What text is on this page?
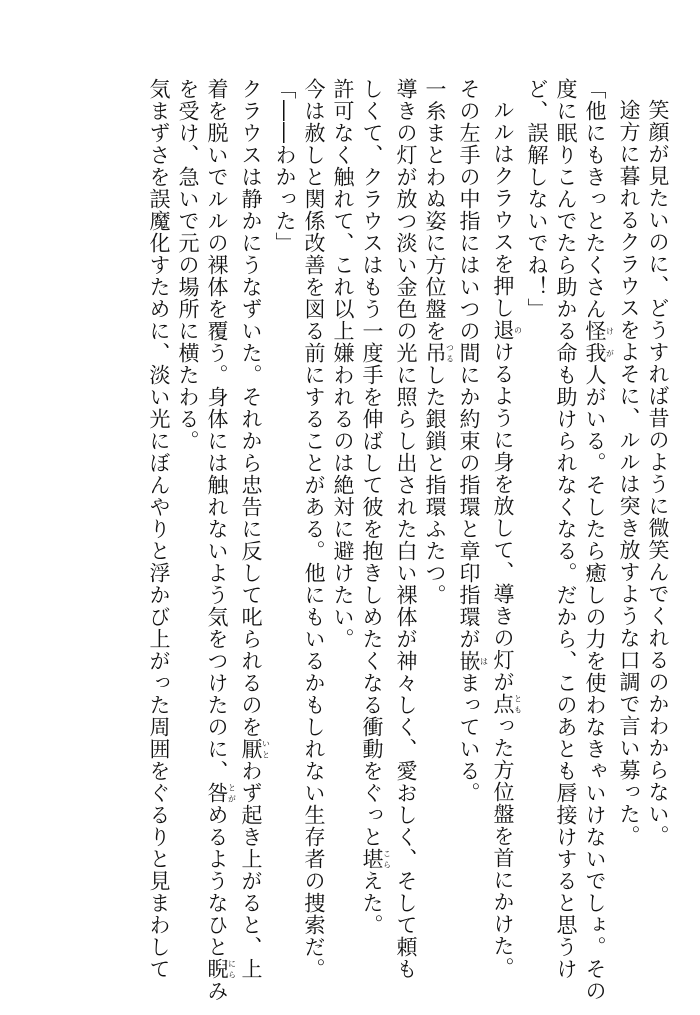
笑顔が見たいのに、どうすれば昔のように微笑んでくれるのかわからない。

途方に暮れるクラウスをよそに、ルルは突き放すような口調で言い募った。

「他にもきっとたくさん怪我けが人がいる。そしたら癒しの力を使わなきゃいけないでしょ。その

度に眠りこんでたら助かる命も助けられなくなる。だから、このあとも唇接けすると思うけ

ど、誤解しないでね！」

ルルはクラウスを押し退のけるように身を放して、導きの灯が点ともった方位盤を首にかけた。

その左手の中指にはいつの間にか約束の指環と章印指環が嵌はまっている。

一糸まとわぬ姿に方位盤を吊つるした銀鎖と指環ふたつ。

導きの灯が放つ淡い金色の光に照らし出された白い裸体が神々しく、愛おしく、そして頼も

しくて、クラウスはもう一度手を伸ばして彼を抱きしめたくなる衝動をぐっと堪こらえた。

許可なく触れて、これ以上嫌われるのは絶対に避けたい。

今は赦しと関係改善を図る前にすることがある。他にもいるかもしれない生存者の捜索だ。

「――わかった」

クラウスは静かにうなずいた。それから忠告に反して叱られるのを厭いとわず起き上がると、上

着を脱いでルルの裸体を覆う。身体には触れないよう気をつけたのに、咎とがめるようなひと睨にらみ

を受け、急いで元の場所に横たわる。

気まずさを誤魔化すために、淡い光にぼんやりと浮かび上がった周囲をぐるりと見まわして
